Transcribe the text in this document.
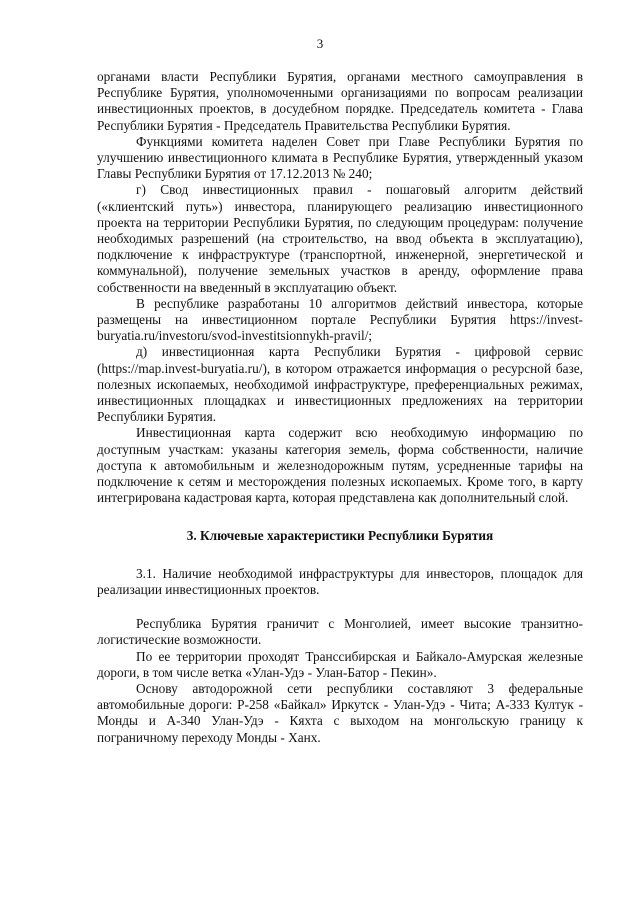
3

органами власти Республики Бурятия, органами местного самоуправления в Республике Бурятия, уполномоченными организациями по вопросам реализации инвестиционных проектов, в досудебном порядке. Председатель комитета - Глава Республики Бурятия - Председатель Правительства Республики Бурятия.

Функциями комитета наделен Совет при Главе Республики Бурятия по улучшению инвестиционного климата в Республике Бурятия, утвержденный указом Главы Республики Бурятия от 17.12.2013 № 240;

г) Свод инвестиционных правил - пошаговый алгоритм действий («клиентский путь») инвестора, планирующего реализацию инвестиционного проекта на территории Республики Бурятия, по следующим процедурам: получение необходимых разрешений (на строительство, на ввод объекта в эксплуатацию), подключение к инфраструктуре (транспортной, инженерной, энергетической и коммунальной), получение земельных участков в аренду, оформление права собственности на введенный в эксплуатацию объект.

В республике разработаны 10 алгоритмов действий инвестора, которые размещены на инвестиционном портале Республики Бурятия https://invest-buryatia.ru/investoru/svod-investitsionnykh-pravil/;

д) инвестиционная карта Республики Бурятия - цифровой сервис (https://map.invest-buryatia.ru/), в котором отражается информация о ресурсной базе, полезных ископаемых, необходимой инфраструктуре, преференциальных режимах, инвестиционных площадках и инвестиционных предложениях на территории Республики Бурятия.

Инвестиционная карта содержит всю необходимую информацию по доступным участкам: указаны категория земель, форма собственности, наличие доступа к автомобильным и железнодорожным путям, усредненные тарифы на подключение к сетям и месторождения полезных ископаемых. Кроме того, в карту интегрирована кадастровая карта, которая представлена как дополнительный слой.

3. Ключевые характеристики Республики Бурятия

3.1. Наличие необходимой инфраструктуры для инвесторов, площадок для реализации инвестиционных проектов.

Республика Бурятия граничит с Монголией, имеет высокие транзитно-логистические возможности.

По ее территории проходят Транссибирская и Байкало-Амурская железные дороги, в том числе ветка «Улан-Удэ - Улан-Батор - Пекин».

Основу автодорожной сети республики составляют 3 федеральные автомобильные дороги: Р-258 «Байкал» Иркутск - Улан-Удэ - Чита; А-333 Култук - Монды и А-340 Улан-Удэ - Кяхта с выходом на монгольскую границу к пограничному переходу Монды - Ханх.
